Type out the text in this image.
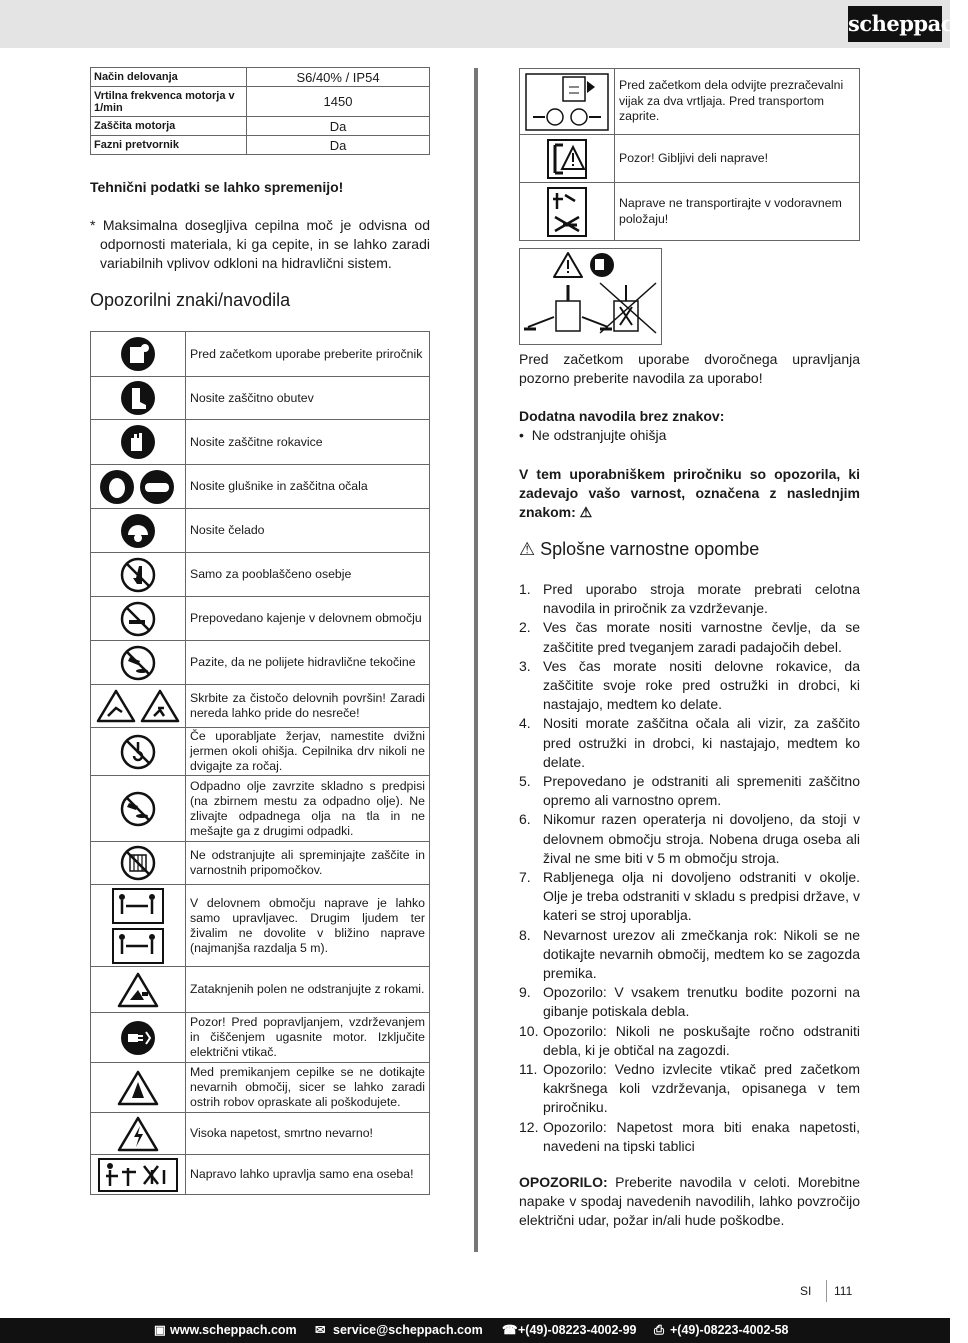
scheppach
Način delovanja	S6/40% / IP54
Vrtilna frekvenca motorja v 1/min	1450
Zaščita motorja	Da
Fazni pretvornik	Da
Tehnični podatki se lahko spremenijo!
* Maksimalna dosegljiva cepilna moč je odvisna od odpornosti materiala, ki ga cepite, in se lahko zaradi variabilnih vplivov odkloni na hidravlični sistem.
Opozorilni znaki/navodila
	Pred začetkom uporabe preberite priročnik
	Nosite zaščitno obutev
	Nosite zaščitne rokavice
	Nosite glušnike in zaščitna očala
	Nosite čelado
	Samo za pooblaščeno osebje
	Prepovedano kajenje v delovnem območju
	Pazite, da ne polijete hidravlične tekočine
	Skrbite za čistočo delovnih površin! Zaradi nereda lahko pride do nesreče!
	Če uporabljate žerjav, namestite dvižni jermen okoli ohišja. Cepilnika drv nikoli ne dvigajte za ročaj.
	Odpadno olje zavrzite skladno s predpisi (na zbirnem mestu za odpadno olje). Ne zlivajte odpadnega olja na tla in ne mešajte ga z drugimi odpadki.
	Ne odstranjujte ali spreminjajte zaščite in varnostnih pripomočkov.
	V delovnem območju naprave je lahko samo upravljavec. Drugim ljudem ter živalim ne dovolite v bližino naprave (najmanjša razdalja 5 m).
	Zataknjenih polen ne odstranjujte z rokami.
	Pozor! Pred popravljanjem, vzdrževanjem in čiščenjem ugasnite motor. Izključite električni vtikač.
	Med premikanjem cepilke se ne dotikajte nevarnih območij, sicer se lahko zaradi ostrih robov opraskate ali poškodujete.
	Visoka napetost, smrtno nevarno!
	Napravo lahko upravlja samo ena oseba!
	Pred začetkom dela odvijte prezračevalni vijak za dva vrtljaja. Pred transportom zaprite.
	Pozor! Gibljivi deli naprave!
	Naprave ne transportirajte v vodoravnem položaju!
Pred začetkom uporabe dvoročnega upravljanja pozorno preberite navodila za uporabo!
Dodatna navodila brez znakov:
• Ne odstranjujte ohišja
V tem uporabniškem priročniku so opozorila, ki zadevajo vašo varnost, označena z naslednjim znakom: ⚠
⚠ Splošne varnostne opombe
1. Pred uporabo stroja morate prebrati celotna navodila in priročnik za vzdrževanje.
2. Ves čas morate nositi varnostne čevlje, da se zaščitite pred tveganjem zaradi padajočih debel.
3. Ves čas morate nositi delovne rokavice, da zaščitite svoje roke pred ostružki in drobci, ki nastajajo, medtem ko delate.
4. Nositi morate zaščitna očala ali vizir, za zaščito pred ostružki in drobci, ki nastajajo, medtem ko delate.
5. Prepovedano je odstraniti ali spremeniti zaščitno opremo ali varnostno oprem.
6. Nikomur razen operaterja ni dovoljeno, da stoji v delovnem območju stroja. Nobena druga oseba ali žival ne sme biti v 5 m območju stroja.
7. Rabljenega olja ni dovoljeno odstraniti v okolje. Olje je treba odstraniti v skladu s predpisi države, v kateri se stroj uporablja.
8. Nevarnost urezov ali zmečkanja rok: Nikoli se ne dotikajte nevarnih območij, medtem ko se zagozda premika.
9. Opozorilo: V vsakem trenutku bodite pozorni na gibanje potiskala debla.
10. Opozorilo: Nikoli ne poskušajte ročno odstraniti debla, ki je obtičal na zagozdi.
11. Opozorilo: Vedno izvlecite vtikač pred začetkom kakršnega koli vzdrževanja, opisanega v tem priročniku.
12. Opozorilo: Napetost mora biti enaka napetosti, navedeni na tipski tablici
OPOZORILO: Preberite navodila v celoti. Morebitne napake v spodaj navedenih navodilih, lahko povzročijo električni udar, požar in/ali hude poškodbe.
SI 111
▣ www.scheppach.com ✉ service@scheppach.com ☎ +(49)-08223-4002-99 ⎙ +(49)-08223-4002-58
